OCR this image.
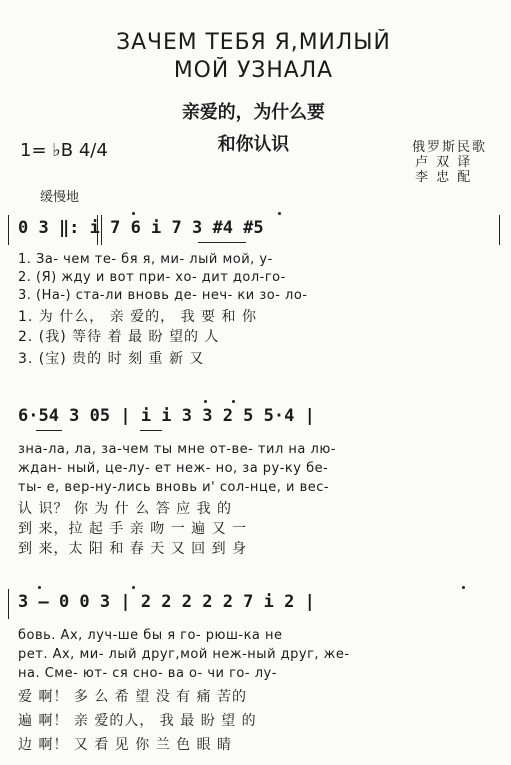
ЗАЧЕМ ТЕБЯ Я,МИЛЫЙ
МОЙ УЗНАЛА
亲爱的，为什么要
和你认识
1= ♭B 4/4	俄罗斯民歌
卢 双 译
李 忠 配
缓慢地
0 3 ‖: i 7 6 i 7 3 #4 #5
1. За- чем те- бя я, ми- лый мой, у-
2. (Я) жду и вот при- хо- дит дол-го-
3. (На-) ста-ли вновь де- нeч- ки зо- ло-
1. 为 什么， 亲 爱的， 我 要 和 你
2. (我) 等待 着 最 盼 望的 人
3. (宝) 贵的 时 刻 重 新 又
6·54 3 05 | i i 3 3 2 5 5·4 |
зна-ла, ла, за-чем ты мне от-ве- тил на лю-
ждан- ный, це-лу- ет неж- но, за ру-ку бе-
ты- е, вер-ну-лись вновь и' сол-нце, и вес-
认 识？ 你 为 什 么 答 应 我 的
到 来，拉 起 手 亲 吻 一 遍 又 一
到 来，太 阳 和 春 天 又 回 到 身
3 — 0 0 3 | 2 2 2 2 2 7 i 2 |
бовь. Ах, луч-ше бы я го- рюш-ка не
рет. Ах, ми- лый друг,мой неж-ный друг, же-
на. Сме- ют- ся сно- ва о- чи го- лу-
爱 啊！ 多 么 希 望 没 有 痛 苦的
遍 啊！ 亲 爱的人， 我 最 盼 望 的
边 啊！ 又 看 见 你 兰 色 眼 睛
